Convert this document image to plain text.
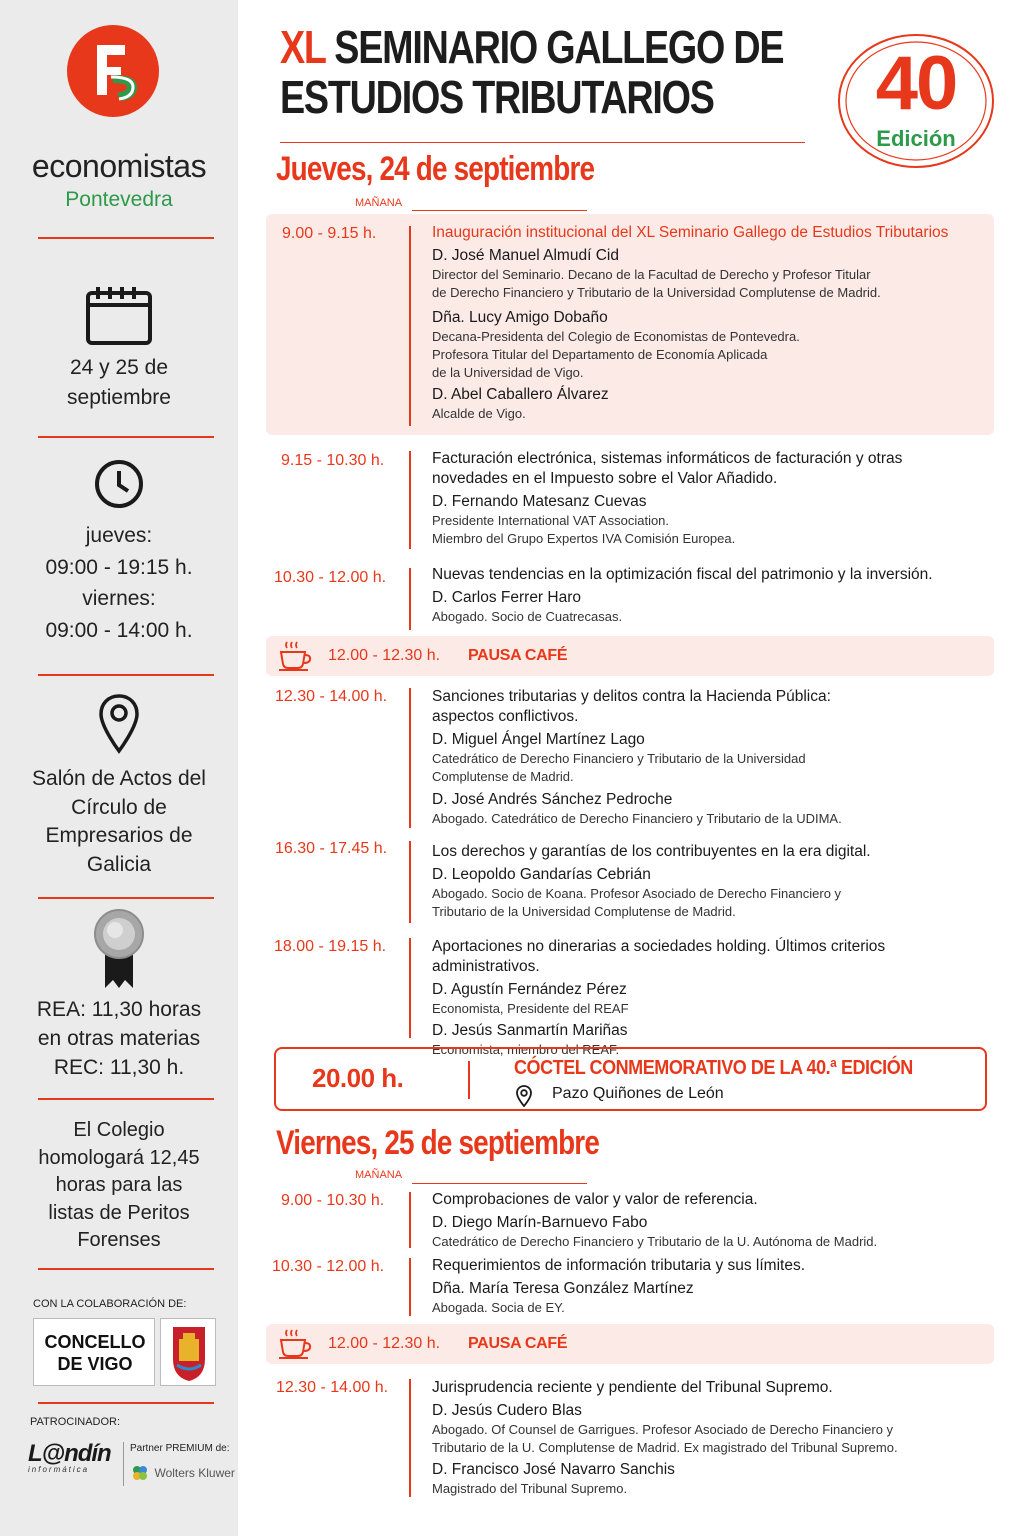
economistas
Pontevedra
24 y 25 de
septiembre
jueves:
09:00 - 19:15 h.
viernes:
09:00 - 14:00 h.
Salón de Actos del
Círculo de
Empresarios de
Galicia
REA: 11,30 horas
en otras materias
REC: 11,30 h.
El Colegio
homologará 12,45
horas para las
listas de Peritos
Forenses
CON LA COLABORACIÓN DE:
CONCELLO
DE VIGO
PATROCINADOR:
L@ndín
informática
Partner PREMIUM de:
Wolters Kluwer
XL SEMINARIO GALLEGO DE
ESTUDIOS TRIBUTARIOS	40
Edición
Jueves, 24 de septiembre
MAÑANA
9.00 - 9.15 h.	Inauguración institucional del XL Seminario Gallego de Estudios Tributarios
D. José Manuel Almudí Cid
Director del Seminario. Decano de la Facultad de Derecho y Profesor Titular
de Derecho Financiero y Tributario de la Universidad Complutense de Madrid.
Dña. Lucy Amigo Dobaño
Decana-Presidenta del Colegio de Economistas de Pontevedra.
Profesora Titular del Departamento de Economía Aplicada
de la Universidad de Vigo.
D. Abel Caballero Álvarez
Alcalde de Vigo.
9.15 - 10.30 h.	Facturación electrónica, sistemas informáticos de facturación y otras
novedades en el Impuesto sobre el Valor Añadido.
D. Fernando Matesanz Cuevas
Presidente International VAT Association.
Miembro del Grupo Expertos IVA Comisión Europea.
10.30 - 12.00 h.	Nuevas tendencias en la optimización fiscal del patrimonio y la inversión.
D. Carlos Ferrer Haro
Abogado. Socio de Cuatrecasas.
12.00 - 12.30 h. PAUSA CAFÉ
12.30 - 14.00 h.	Sanciones tributarias y delitos contra la Hacienda Pública:
aspectos conflictivos.
D. Miguel Ángel Martínez Lago
Catedrático de Derecho Financiero y Tributario de la Universidad
Complutense de Madrid.
D. José Andrés Sánchez Pedroche
Abogado. Catedrático de Derecho Financiero y Tributario de la UDIMA.
16.30 - 17.45 h.	Los derechos y garantías de los contribuyentes en la era digital.
D. Leopoldo Gandarías Cebrián
Abogado. Socio de Koana. Profesor Asociado de Derecho Financiero y
Tributario de la Universidad Complutense de Madrid.
18.00 - 19.15 h.	Aportaciones no dinerarias a sociedades holding. Últimos criterios administrativos.
D. Agustín Fernández Pérez
Economista, Presidente del REAF
D. Jesús Sanmartín Mariñas
Economista, miembro del REAF.
20.00 h.	CÓCTEL CONMEMORATIVO DE LA 40.ª EDICIÓN
Pazo Quiñones de León
Viernes, 25 de septiembre
MAÑANA
9.00 - 10.30 h.	Comprobaciones de valor y valor de referencia.
D. Diego Marín-Barnuevo Fabo
Catedrático de Derecho Financiero y Tributario de la U. Autónoma de Madrid.
10.30 - 12.00 h.	Requerimientos de información tributaria y sus límites.
Dña. María Teresa González Martínez
Abogada. Socia de EY.
12.00 - 12.30 h. PAUSA CAFÉ
12.30 - 14.00 h.	Jurisprudencia reciente y pendiente del Tribunal Supremo.
D. Jesús Cudero Blas
Abogado. Of Counsel de Garrigues. Profesor Asociado de Derecho Financiero y
Tributario de la U. Complutense de Madrid. Ex magistrado del Tribunal Supremo.
D. Francisco José Navarro Sanchis
Magistrado del Tribunal Supremo.
